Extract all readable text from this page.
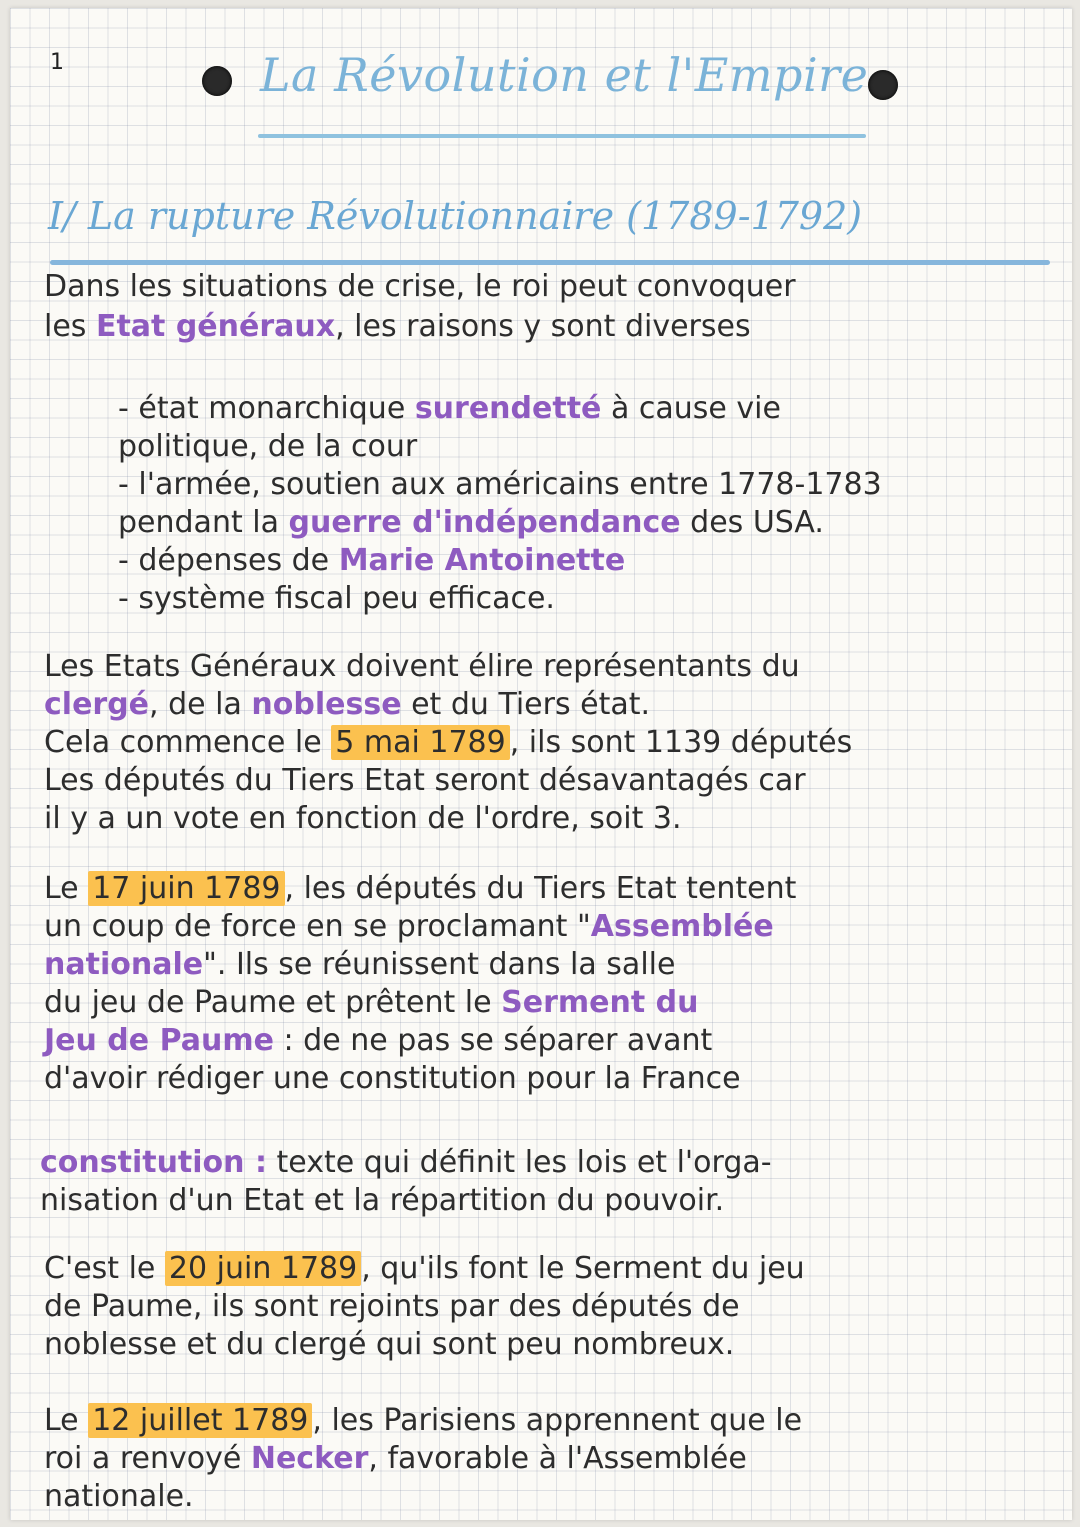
1	La Révolution et l'Empire
I/ La rupture Révolutionnaire (1789-1792)

Dans les situations de crise, le roi peut convoquer

les Etat généraux, les raisons y sont diverses

- état monarchique surendetté à cause vie
politique, de la cour
- l'armée, soutien aux américains entre 1778-1783
pendant la guerre d'indépendance des USA.
- dépenses de Marie Antoinette
- système fiscal peu efficace.

Les Etats Généraux doivent élire représentants du

clergé, de la noblesse et du Tiers état.

Cela commence le 5 mai 1789 , ils sont 1139 députés

Les députés du Tiers Etat seront désavantagés car

il y a un vote en fonction de l'ordre, soit 3.

Le 17 juin 1789 , les députés du Tiers Etat tentent

un coup de force en se proclamant "Assemblée

nationale". Ils se réunissent dans la salle

du jeu de Paume et prêtent le Serment du

Jeu de Paume : de ne pas se séparer avant

d'avoir rédiger une constitution pour la France

constitution : texte qui définit les lois et l'orga-

nisation d'un Etat et la répartition du pouvoir.

C'est le 20 juin 1789 , qu'ils font le Serment du jeu

de Paume, ils sont rejoints par des députés de

noblesse et du clergé qui sont peu nombreux.

Le 12 juillet 1789 , les Parisiens apprennent que le

roi a renvoyé Necker, favorable à l'Assemblée

nationale.
